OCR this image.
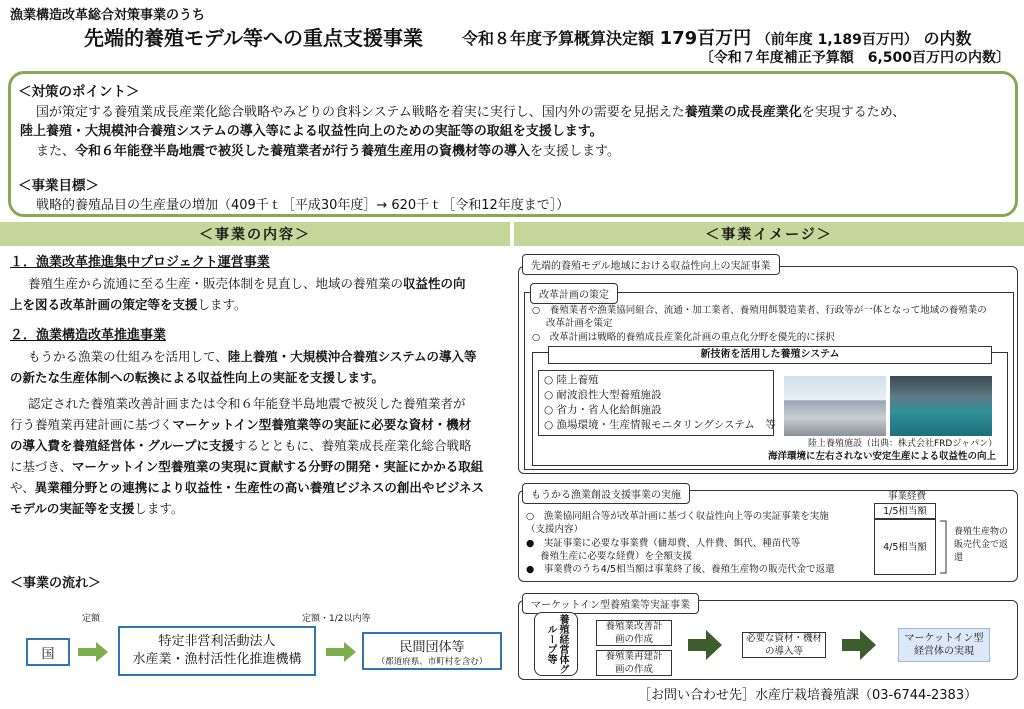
漁業構造改革総合対策事業のうち
先端的養殖モデル等への重点支援事業 令和８年度予算概算決定額 179百万円 （前年度 1,189百万円） の内数
〔令和７年度補正予算額　6,500百万円の内数〕
＜対策のポイント＞
国が策定する養殖業成長産業化総合戦略やみどりの食料システム戦略を着実に実行し、国内外の需要を見据えた養殖業の成長産業化を実現するため、
陸上養殖・大規模沖合養殖システムの導入等による収益性向上のための実証等の取組を支援します。
また、令和６年能登半島地震で被災した養殖業者が行う養殖生産用の資機材等の導入を支援します。
＜事業目標＞
戦略的養殖品目の生産量の増加（409千ｔ［平成30年度］→ 620千ｔ［令和12年度まで］）
＜事業の内容＞	＜事業イメージ＞
１．漁業改革推進集中プロジェクト運営事業
養殖生産から流通に至る生産・販売体制を見直し、地域の養殖業の収益性の向
上を図る改革計画の策定等を支援します。
２．漁業構造改革推進事業
もうかる漁業の仕組みを活用して、陸上養殖・大規模沖合養殖システムの導入等
の新たな生産体制への転換による収益性向上の実証を支援します。
認定された養殖業改善計画または令和６年能登半島地震で被災した養殖業者が
行う養殖業再建計画に基づくマーケットイン型養殖業等の実証に必要な資材・機材
の導入費を養殖経営体・グループに支援するとともに、養殖業成長産業化総合戦略
に基づき、マーケットイン型養殖業の実現に貢献する分野の開発・実証にかかる取組
や、異業種分野との連携により収益性・生産性の高い養殖ビジネスの創出やビジネス
モデルの実証等を支援します。
＜事業の流れ＞
定額	定額・1/2以内等
国
特定非営利活動法人
水産業・漁村活性化推進機構
民間団体等
（都道府県、市町村を含む）
先端的養殖モデル地域における収益性向上の実証事業
改革計画の策定
○　養殖業者や漁業協同組合、流通・加工業者、養殖用餌製造業者、行政等が一体となって地域の養殖業の
改革計画を策定
○　改革計画は戦略的養殖成長産業化計画の重点化分野を優先的に採択
新技術を活用した養殖システム
○ 陸上養殖
○ 耐波浪性大型養殖施設
○ 省力・省人化給餌施設
○ 漁場環境・生産情報モニタリングシステム　等
陸上養殖施設（出典：株式会社FRDジャパン）
海洋環境に左右されない安定生産による収益性の向上
もうかる漁業創設支援事業の実施
○　漁業協同組合等が改革計画に基づく収益性向上等の実証事業を実施
（支援内容）
●　実証事業に必要な事業費（傭却費、人件費、餌代、種苗代等
養殖生産に必要な経費）を全額支援
●　事業費のうち4/5相当額は事業終了後、養殖生産物の販売代金で返還
事業経費
1/5相当額
4/5相当額
養殖生産物の販売代金で返還
マーケットイン型養殖業等実証事業
養殖経営体グループ等	養殖業改善計画の作成
養殖業再建計画の作成
必要な資材・機材の導入等
マーケットイン型経営体の実現
［お問い合わせ先］水産庁栽培養殖課（03-6744-2383）
